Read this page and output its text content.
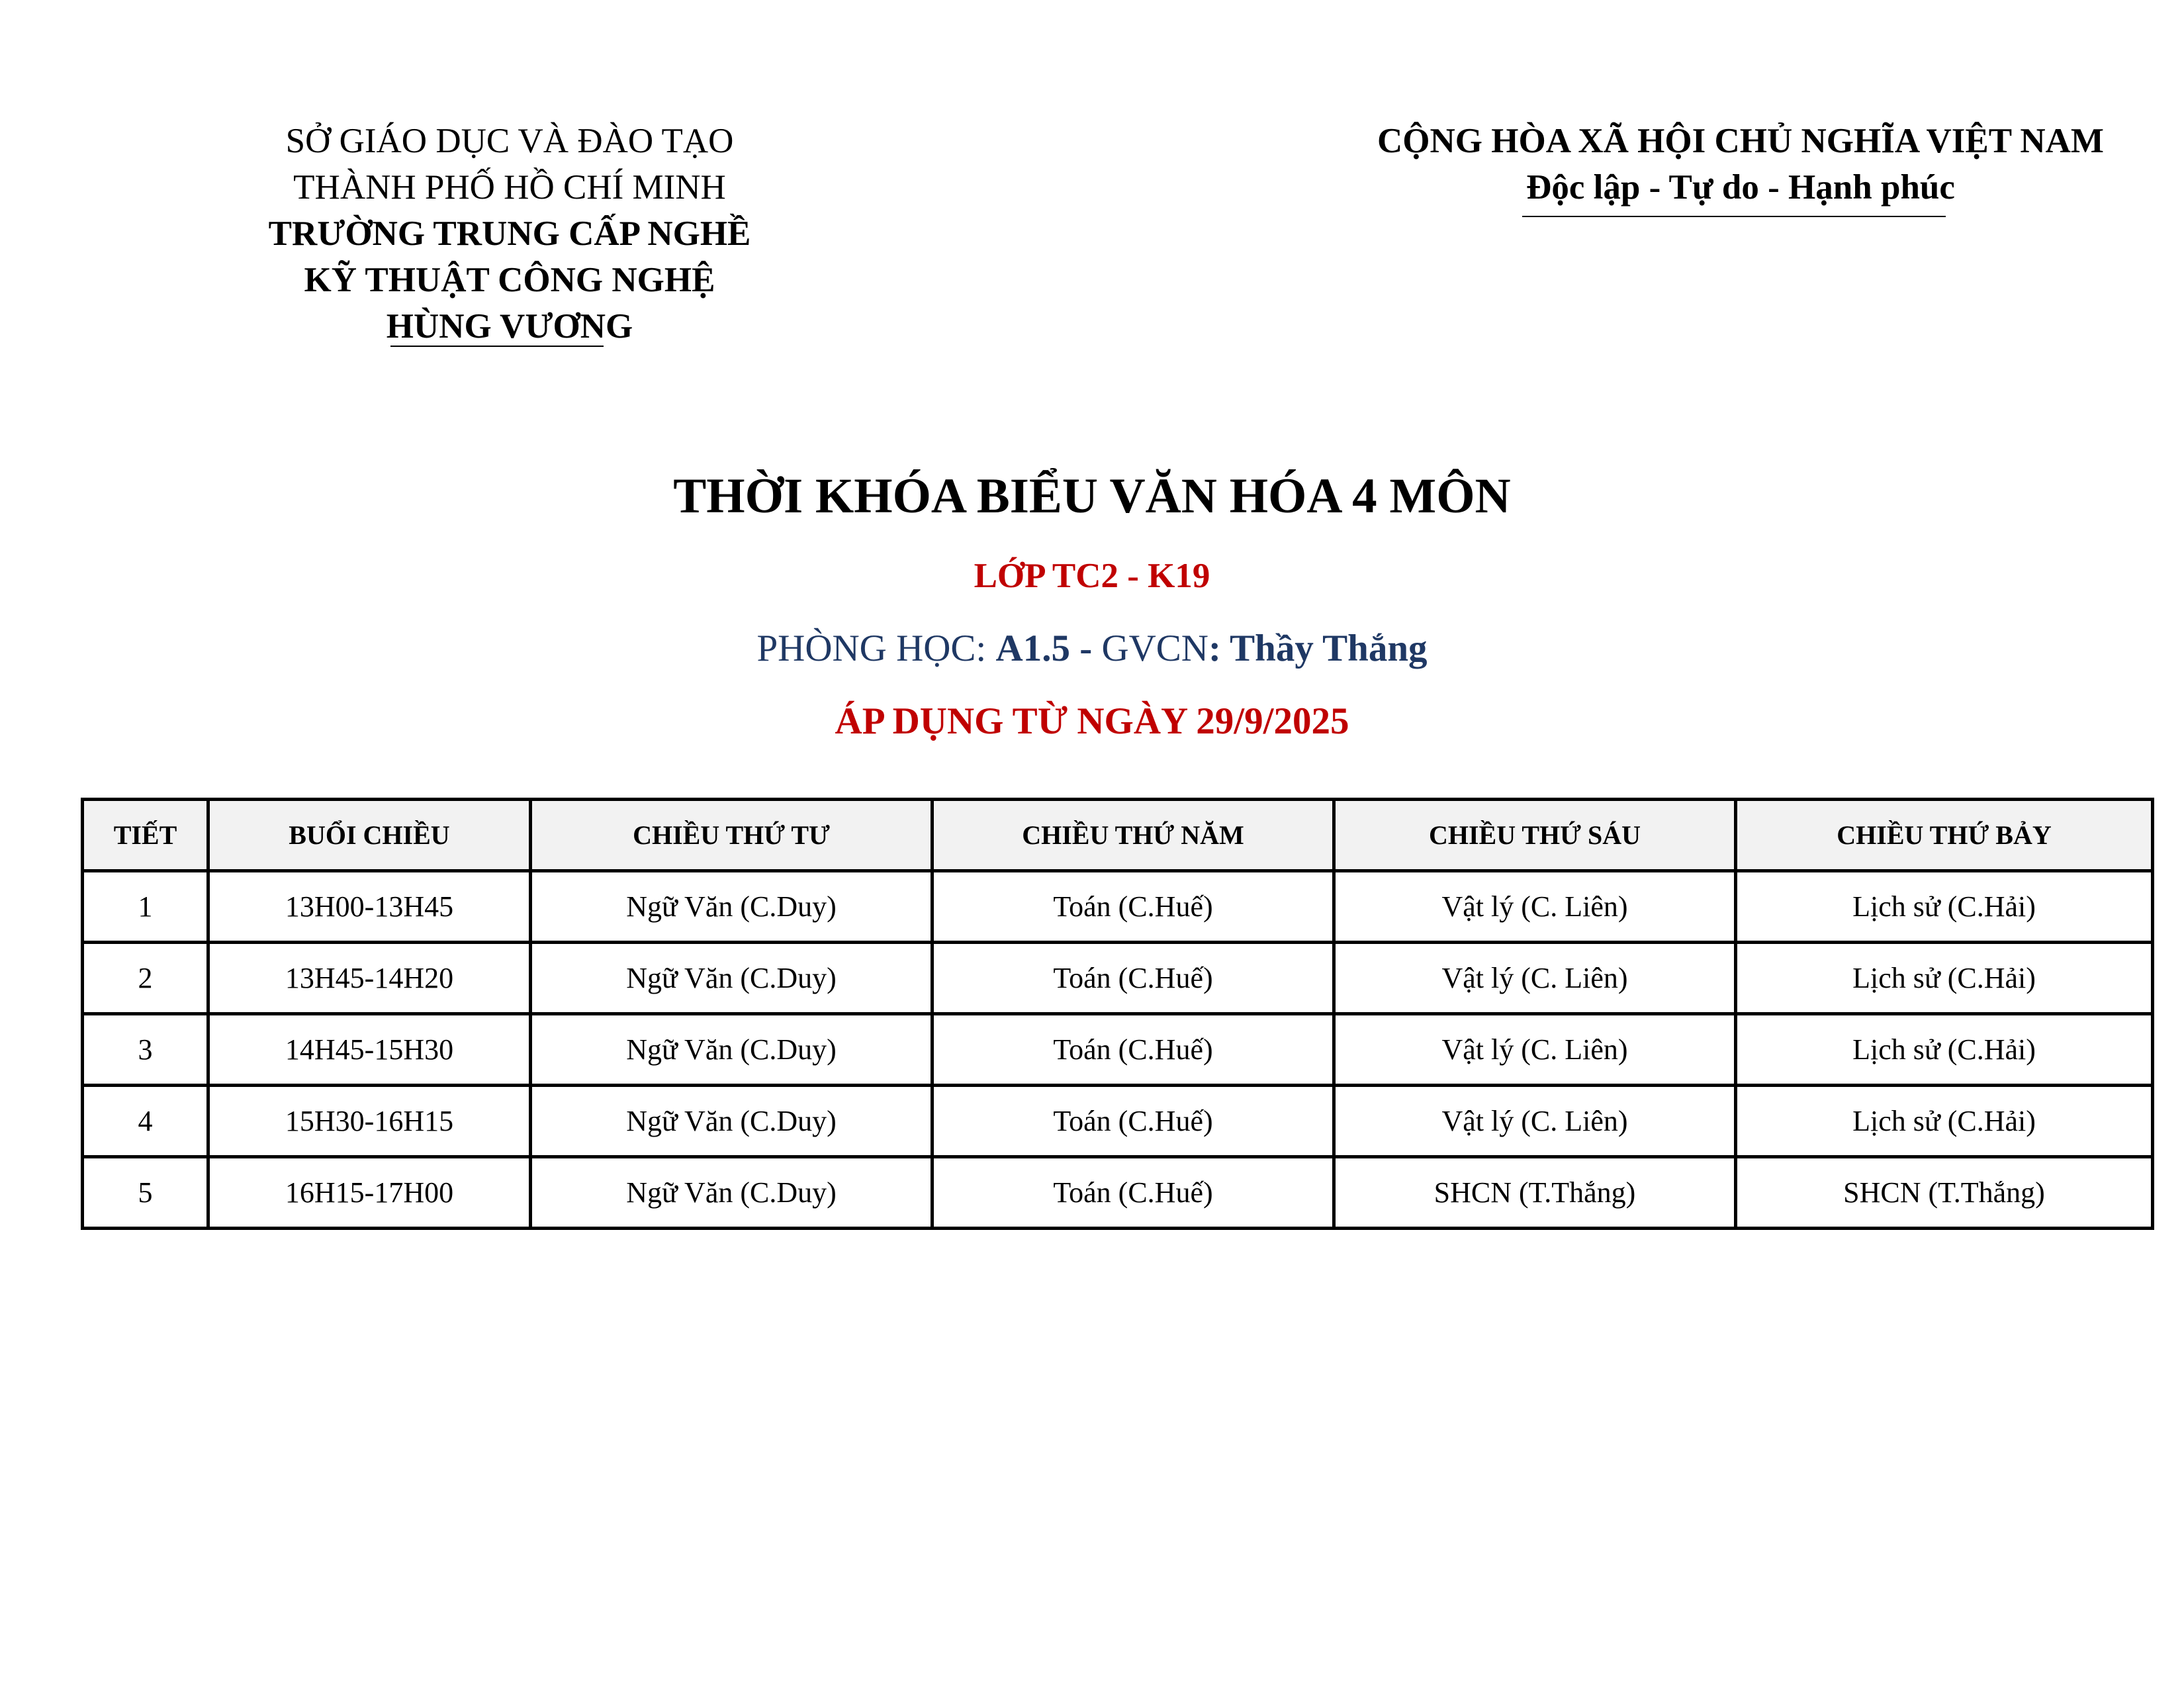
SỞ GIÁO DỤC VÀ ĐÀO TẠO
THÀNH PHỐ HỒ CHÍ MINH
TRƯỜNG TRUNG CẤP NGHỀ
KỸ THUẬT CÔNG NGHỆ
HÙNG VƯƠNG
CỘNG HÒA XÃ HỘI CHỦ NGHĨA VIỆT NAM
Độc lập - Tự do - Hạnh phúc
THỜI KHÓA BIỂU VĂN HÓA 4 MÔN
LỚP TC2 - K19
PHÒNG HỌC: A1.5 - GVCN: Thầy Thắng
ÁP DỤNG TỪ NGÀY 29/9/2025
TIẾT	BUỔI CHIỀU	CHIỀU THỨ TƯ	CHIỀU THỨ NĂM	CHIỀU THỨ SÁU	CHIỀU THỨ BẢY
1	13H00-13H45	Ngữ Văn (C.Duy)	Toán (C.Huế)	Vật lý (C. Liên)	Lịch sử (C.Hải)
2	13H45-14H20	Ngữ Văn (C.Duy)	Toán (C.Huế)	Vật lý (C. Liên)	Lịch sử (C.Hải)
3	14H45-15H30	Ngữ Văn (C.Duy)	Toán (C.Huế)	Vật lý (C. Liên)	Lịch sử (C.Hải)
4	15H30-16H15	Ngữ Văn (C.Duy)	Toán (C.Huế)	Vật lý (C. Liên)	Lịch sử (C.Hải)
5	16H15-17H00	Ngữ Văn (C.Duy)	Toán (C.Huế)	SHCN (T.Thắng)	SHCN (T.Thắng)
